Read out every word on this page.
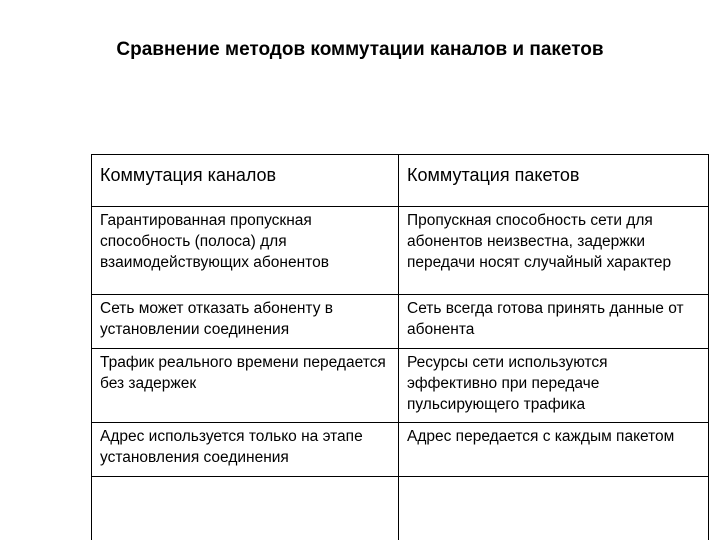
Сравнение методов коммутации каналов и пакетов
Коммутация каналов	Коммутация пакетов
Гарантированная пропускная способность (полоса) для взаимодействующих абонентов	Пропускная способность сети для абонентов неизвестна, задержки передачи носят случайный характер
Сеть может отказать абоненту в установлении соединения	Сеть всегда готова принять данные от абонента
Трафик реального времени передается без задержек	Ресурсы сети используются эффективно при передаче пульсирующего трафика
Адрес используется только на этапе установления соединения	Адрес передается с каждым пакетом
